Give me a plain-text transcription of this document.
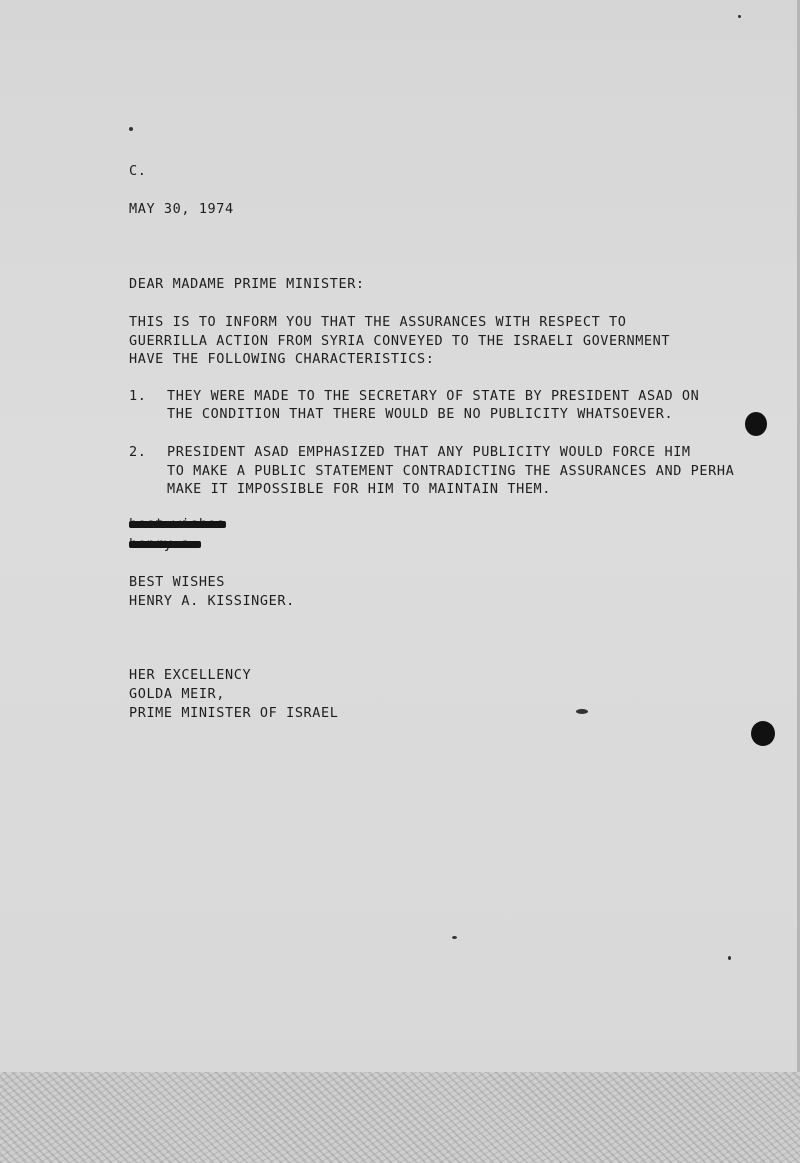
C.
MAY 30, 1974
DEAR MADAME PRIME MINISTER:
THIS IS TO INFORM YOU THAT THE ASSURANCES WITH RESPECT TO
GUERRILLA ACTION FROM SYRIA CONVEYED TO THE ISRAELI GOVERNMENT
HAVE THE FOLLOWING CHARACTERISTICS:
1. THEY WERE MADE TO THE SECRETARY OF STATE BY PRESIDENT ASAD ON
THE CONDITION THAT THERE WOULD BE NO PUBLICITY WHATSOEVER.
2. PRESIDENT ASAD EMPHASIZED THAT ANY PUBLICITY WOULD FORCE HIM
TO MAKE A PUBLIC STATEMENT CONTRADICTING THE ASSURANCES AND PERHA
MAKE IT IMPOSSIBLE FOR HIM TO MAINTAIN THEM.
BEST WISHES
HENRY A. KISSINGER.
HER EXCELLENCY
GOLDA MEIR,
PRIME MINISTER OF ISRAEL
